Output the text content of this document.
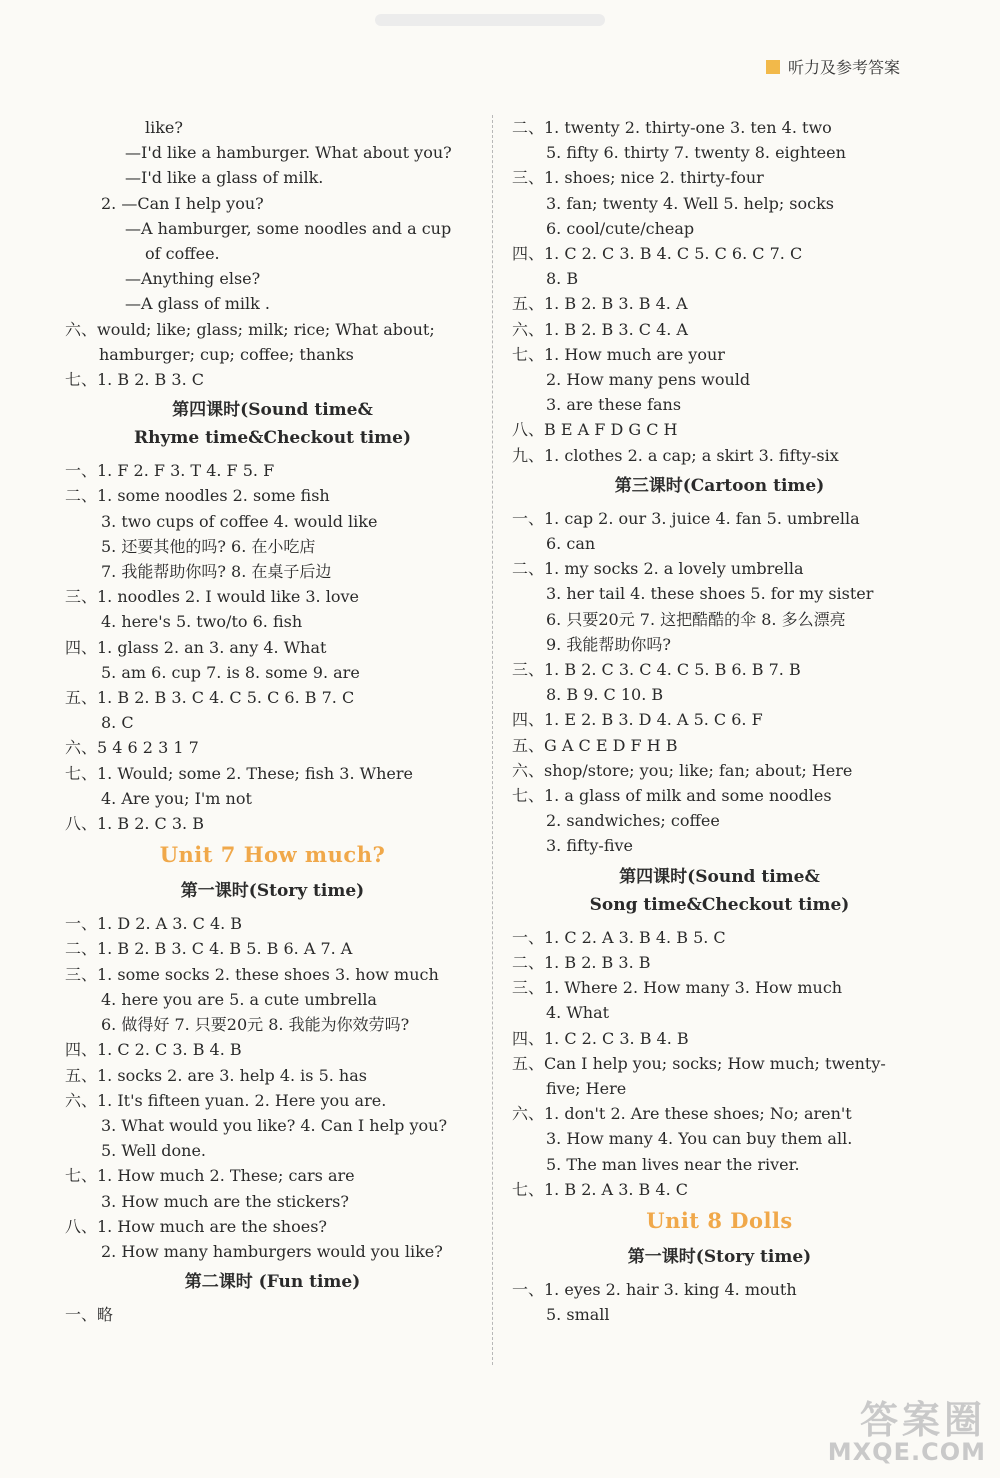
听力及参考答案
like?
—I'd like a hamburger. What about you?
—I'd like a glass of milk.
2. —Can I help you?
—A hamburger, some noodles and a cup
of coffee.
—Anything else?
—A glass of milk .
六、would; like; glass; milk; rice; What about;
hamburger; cup; coffee; thanks
七、1. B 2. B 3. C
第四课时(Sound time&
Rhyme time&Checkout time)
一、1. F 2. F 3. T 4. F 5. F
二、1. some noodles 2. some fish
3. two cups of coffee 4. would like
5. 还要其他的吗? 6. 在小吃店
7. 我能帮助你吗? 8. 在桌子后边
三、1. noodles 2. I would like 3. love
4. here's 5. two/to 6. fish
四、1. glass 2. an 3. any 4. What
5. am 6. cup 7. is 8. some 9. are
五、1. B 2. B 3. C 4. C 5. C 6. B 7. C
8. C
六、5 4 6 2 3 1 7
七、1. Would; some 2. These; fish 3. Where
4. Are you; I'm not
八、1. B 2. C 3. B
Unit 7 How much?
第一课时(Story time)
一、1. D 2. A 3. C 4. B
二、1. B 2. B 3. C 4. B 5. B 6. A 7. A
三、1. some socks 2. these shoes 3. how much
4. here you are 5. a cute umbrella
6. 做得好 7. 只要20元 8. 我能为你效劳吗?
四、1. C 2. C 3. B 4. B
五、1. socks 2. are 3. help 4. is 5. has
六、1. It's fifteen yuan. 2. Here you are.
3. What would you like? 4. Can I help you?
5. Well done.
七、1. How much 2. These; cars are
3. How much are the stickers?
八、1. How much are the shoes?
2. How many hamburgers would you like?
第二课时 (Fun time)
一、略
二、1. twenty 2. thirty-one 3. ten 4. two
5. fifty 6. thirty 7. twenty 8. eighteen
三、1. shoes; nice 2. thirty-four
3. fan; twenty 4. Well 5. help; socks
6. cool/cute/cheap
四、1. C 2. C 3. B 4. C 5. C 6. C 7. C
8. B
五、1. B 2. B 3. B 4. A
六、1. B 2. B 3. C 4. A
七、1. How much are your
2. How many pens would
3. are these fans
八、B E A F D G C H
九、1. clothes 2. a cap; a skirt 3. fifty-six
第三课时(Cartoon time)
一、1. cap 2. our 3. juice 4. fan 5. umbrella
6. can
二、1. my socks 2. a lovely umbrella
3. her tail 4. these shoes 5. for my sister
6. 只要20元 7. 这把酷酷的伞 8. 多么漂亮
9. 我能帮助你吗?
三、1. B 2. C 3. C 4. C 5. B 6. B 7. B
8. B 9. C 10. B
四、1. E 2. B 3. D 4. A 5. C 6. F
五、G A C E D F H B
六、shop/store; you; like; fan; about; Here
七、1. a glass of milk and some noodles
2. sandwiches; coffee
3. fifty-five
第四课时(Sound time&
Song time&Checkout time)
一、1. C 2. A 3. B 4. B 5. C
二、1. B 2. B 3. B
三、1. Where 2. How many 3. How much
4. What
四、1. C 2. C 3. B 4. B
五、Can I help you; socks; How much; twenty-
five; Here
六、1. don't 2. Are these shoes; No; aren't
3. How many 4. You can buy them all.
5. The man lives near the river.
七、1. B 2. A 3. B 4. C
Unit 8 Dolls
第一课时(Story time)
一、1. eyes 2. hair 3. king 4. mouth
5. small
答案圈
MXQE.COM
